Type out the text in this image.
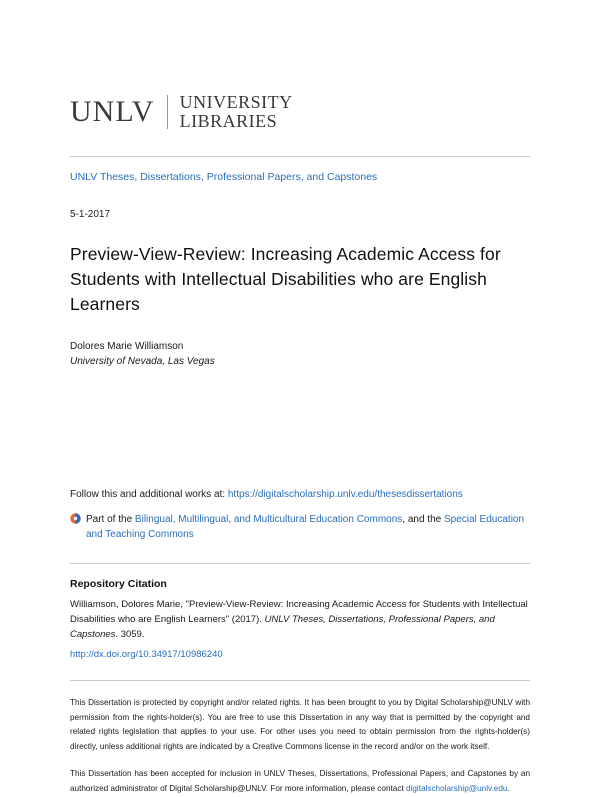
UNLV	UNIVERSITY
LIBRARIES
UNLV Theses, Dissertations, Professional Papers, and Capstones
5-1-2017
Preview-View-Review: Increasing Academic Access for Students with Intellectual Disabilities who are English Learners
Dolores Marie Williamson
University of Nevada, Las Vegas
Follow this and additional works at: https://digitalscholarship.unlv.edu/thesesdissertations
Part of the Bilingual, Multilingual, and Multicultural Education Commons, and the Special Education and Teaching Commons
Repository Citation
Williamson, Dolores Marie, "Preview-View-Review: Increasing Academic Access for Students with Intellectual Disabilities who are English Learners" (2017). UNLV Theses, Dissertations, Professional Papers, and Capstones. 3059.
http://dx.doi.org/10.34917/10986240
This Dissertation is protected by copyright and/or related rights. It has been brought to you by Digital Scholarship@UNLV with permission from the rights-holder(s). You are free to use this Dissertation in any way that is permitted by the copyright and related rights legislation that applies to your use. For other uses you need to obtain permission from the rights-holder(s) directly, unless additional rights are indicated by a Creative Commons license in the record and/or on the work itself.
This Dissertation has been accepted for inclusion in UNLV Theses, Dissertations, Professional Papers, and Capstones by an authorized administrator of Digital Scholarship@UNLV. For more information, please contact digitalscholarship@unlv.edu.
